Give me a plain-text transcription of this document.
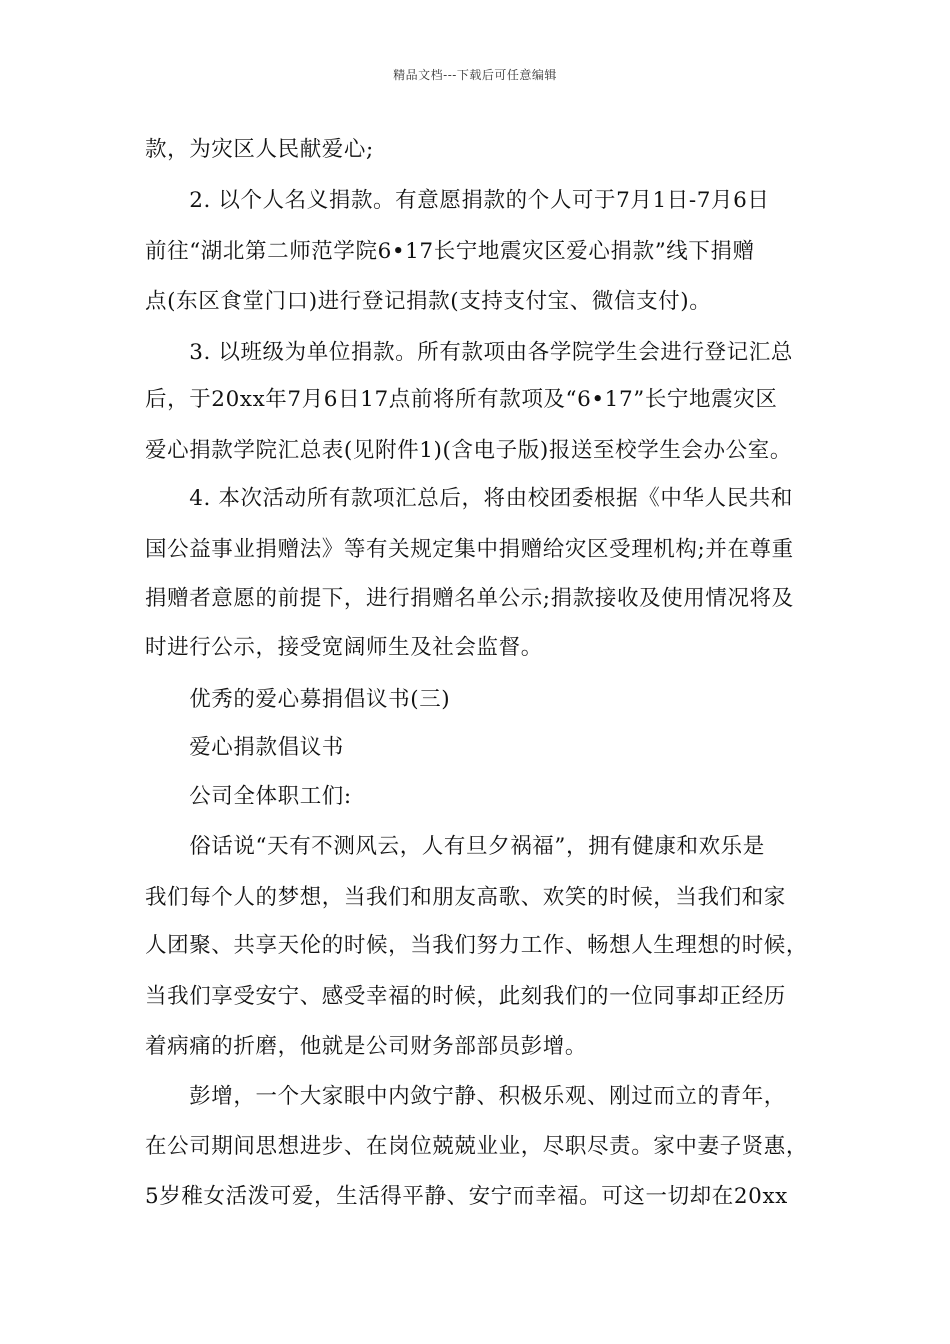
精品文档---下载后可任意编辑
款，为灾区人民献爱心;
　　2. 以个人名义捐款。有意愿捐款的个人可于7月1日-7月6日
前往“湖北第二师范学院6•17长宁地震灾区爱心捐款”线下捐赠
点(东区食堂门口)进行登记捐款(支持支付宝、微信支付)。
　　3. 以班级为单位捐款。所有款项由各学院学生会进行登记汇总
后，于20xx年7月6日17点前将所有款项及“6•17”长宁地震灾区
爱心捐款学院汇总表(见附件1)(含电子版)报送至校学生会办公室。
　　4. 本次活动所有款项汇总后，将由校团委根据《中华人民共和
国公益事业捐赠法》等有关规定集中捐赠给灾区受理机构;并在尊重
捐赠者意愿的前提下，进行捐赠名单公示;捐款接收及使用情况将及
时进行公示，接受宽阔师生及社会监督。
　　优秀的爱心募捐倡议书(三)
　　爱心捐款倡议书
　　公司全体职工们:
　　俗话说“天有不测风云，人有旦夕祸福”，拥有健康和欢乐是
我们每个人的梦想，当我们和朋友高歌、欢笑的时候，当我们和家
人团聚、共享天伦的时候，当我们努力工作、畅想人生理想的时候，
当我们享受安宁、感受幸福的时候，此刻我们的一位同事却正经历
着病痛的折磨，他就是公司财务部部员彭增。
　　彭增，一个大家眼中内敛宁静、积极乐观、刚过而立的青年，
在公司期间思想进步、在岗位兢兢业业，尽职尽责。家中妻子贤惠，
5岁稚女活泼可爱，生活得平静、安宁而幸福。可这一切却在20xx
